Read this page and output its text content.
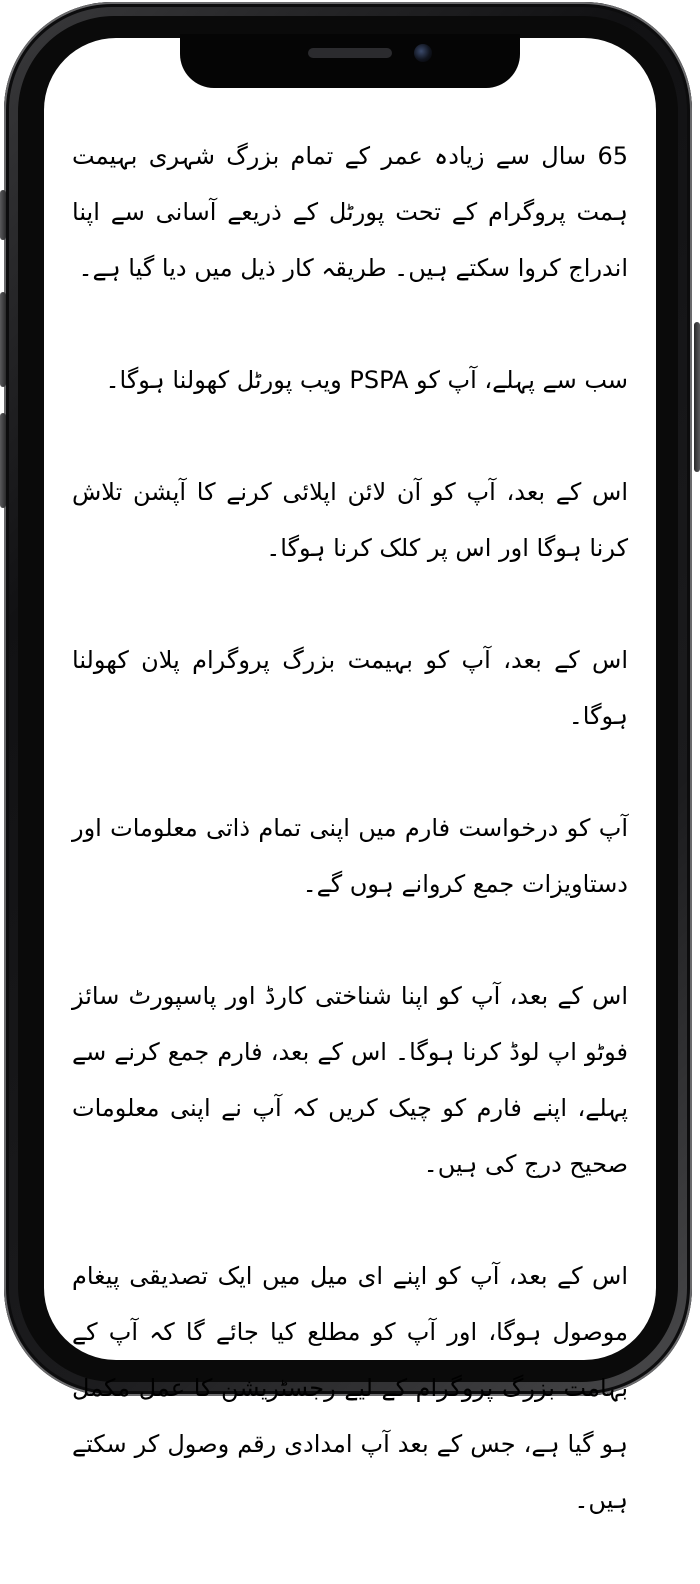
65 سال سے زیادہ عمر کے تمام بزرگ شہری بہیمت ہمت پروگرام کے تحت پورٹل کے ذریعے آسانی سے اپنا اندراج کروا سکتے ہیں۔ طریقہ کار ذیل میں دیا گیا ہے۔

سب سے پہلے، آپ کو PSPA ویب پورٹل کھولنا ہوگا۔

اس کے بعد، آپ کو آن لائن اپلائی کرنے کا آپشن تلاش کرنا ہوگا اور اس پر کلک کرنا ہوگا۔

اس کے بعد، آپ کو بہیمت بزرگ پروگرام پلان کھولنا ہوگا۔

آپ کو درخواست فارم میں اپنی تمام ذاتی معلومات اور دستاویزات جمع کروانے ہوں گے۔

اس کے بعد، آپ کو اپنا شناختی کارڈ اور پاسپورٹ سائز فوٹو اپ لوڈ کرنا ہوگا۔ اس کے بعد، فارم جمع کرنے سے پہلے، اپنے فارم کو چیک کریں کہ آپ نے اپنی معلومات صحیح درج کی ہیں۔

اس کے بعد، آپ کو اپنے ای میل میں ایک تصدیقی پیغام موصول ہوگا، اور آپ کو مطلع کیا جائے گا کہ آپ کے بہامت بزرگ پروگرام کے لیے رجسٹریشن کا عمل مکمل ہو گیا ہے، جس کے بعد آپ امدادی رقم وصول کر سکتے ہیں۔
